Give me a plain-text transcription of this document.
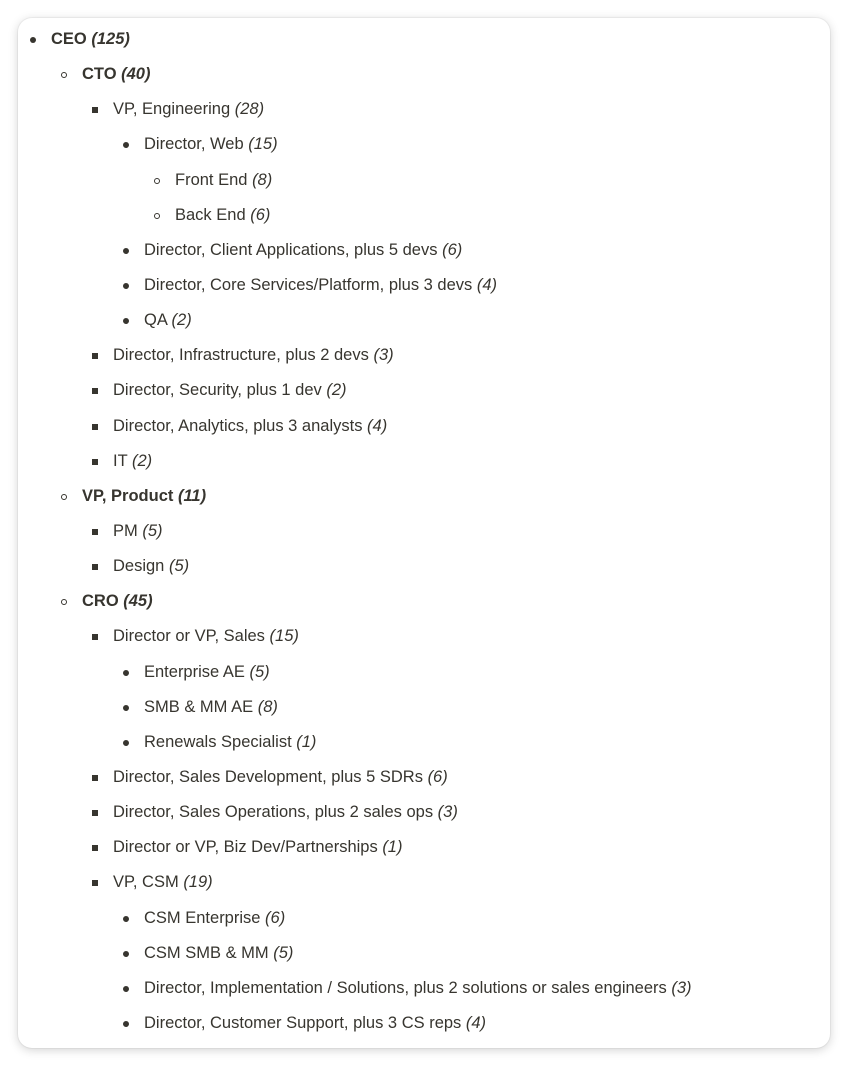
CEO (125)
CTO (40)
VP, Engineering (28)
Director, Web (15)
Front End (8)
Back End (6)
Director, Client Applications, plus 5 devs (6)
Director, Core Services/Platform, plus 3 devs (4)
QA (2)
Director, Infrastructure, plus 2 devs (3)
Director, Security, plus 1 dev (2)
Director, Analytics, plus 3 analysts (4)
IT (2)
VP, Product (11)
PM (5)
Design (5)
CRO (45)
Director or VP, Sales (15)
Enterprise AE (5)
SMB & MM AE (8)
Renewals Specialist (1)
Director, Sales Development, plus 5 SDRs (6)
Director, Sales Operations, plus 2 sales ops (3)
Director or VP, Biz Dev/Partnerships (1)
VP, CSM (19)
CSM Enterprise (6)
CSM SMB & MM (5)
Director, Implementation / Solutions, plus 2 solutions or sales engineers (3)
Director, Customer Support, plus 3 CS reps (4)
